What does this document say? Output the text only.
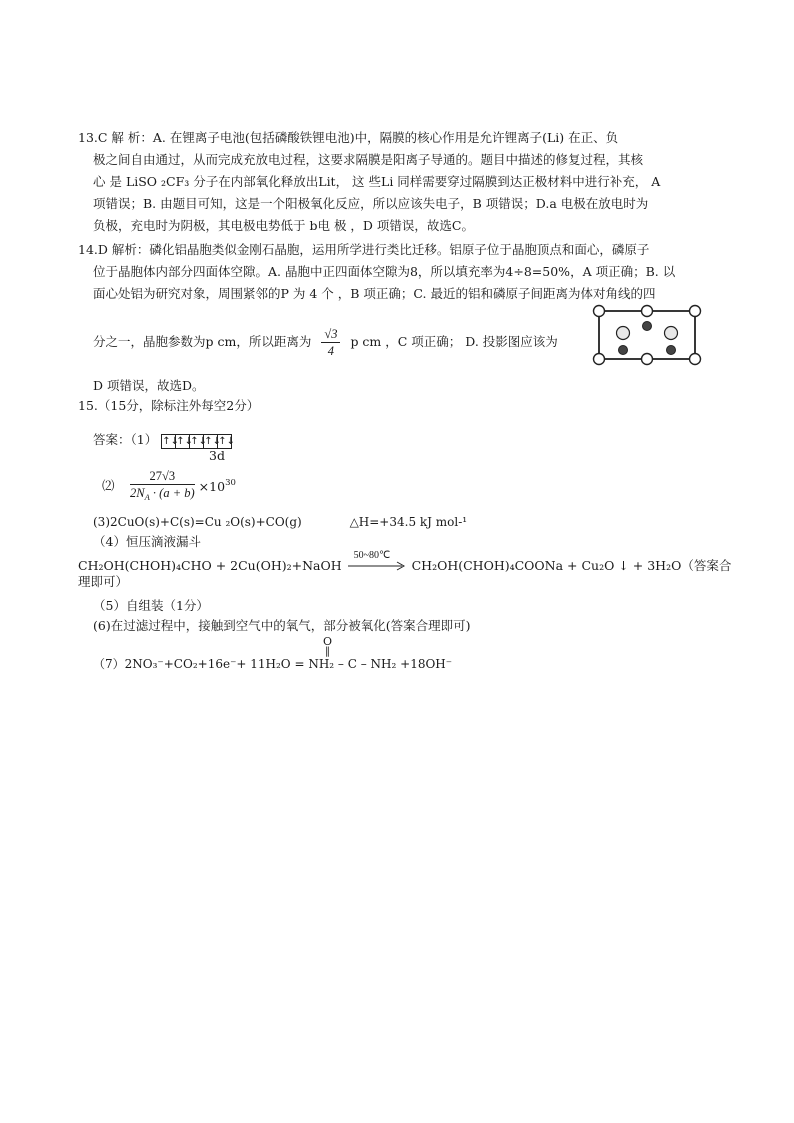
13.C 解 析：A. 在锂离子电池(包括磷酸铁锂电池)中，隔膜的核心作用是允许锂离子(Li) 在正、负
极之间自由通过，从而完成充放电过程，这要求隔膜是阳离子导通的。题目中描述的修复过程，其核
心 是 LiSO ₂CF₃ 分子在内部氧化释放出Lit， 这 些Li 同样需要穿过隔膜到达正极材料中进行补充， A
项错误；B. 由题目可知，这是一个阳极氧化反应，所以应该失电子，B 项错误；D.a 电极在放电时为
负极，充电时为阴极，其电极电势低于 b电 极 ，D 项错误，故选C。
14.D 解析：磷化铝晶胞类似金刚石晶胞，运用所学进行类比迁移。铝原子位于晶胞顶点和面心，磷原子
位于晶胞体内部分四面体空隙。A. 晶胞中正四面体空隙为8，所以填充率为4÷8=50%，A 项正确；B. 以
面心处铝为研究对象，周围紧邻的P 为 4 个 ，B 项正确；C. 最近的铝和磷原子间距离为体对角线的四
分之一，晶胞参数为p cm，所以距离为 $\frac{√3}{4}$ p cm ，C 项正确； D. 投影图应该为
D 项错误，故选D。
15.（15分，除标注外每空2分）
答案：（1） ↑↓↑↓↑↓↑↓↑↓
3d
⑵ $\frac{27√3}{2N_A \cdot (a + b)} \times 10^{30}$
(3)2CuO(s)+C(s)=Cu ₂O(s)+CO(g)	△H=+34.5 kJ mol-¹
（4）恒压滴液漏斗
CH₂OH(CHOH)₄CHO + 2Cu(OH)₂+NaOH
50~80℃
CH₂OH(CHOH)₄COONa + Cu₂O ↓ + 3H₂O（答案合
理即可）
（5）自组装（1分）
(6)在过滤过程中，接触到空气中的氧气，部分被氧化(答案合理即可)
（7）2NO₃⁻+CO₂+16e⁻+ 11H₂O = NH₂ – C – NH₂ +18OH⁻
O
‖
